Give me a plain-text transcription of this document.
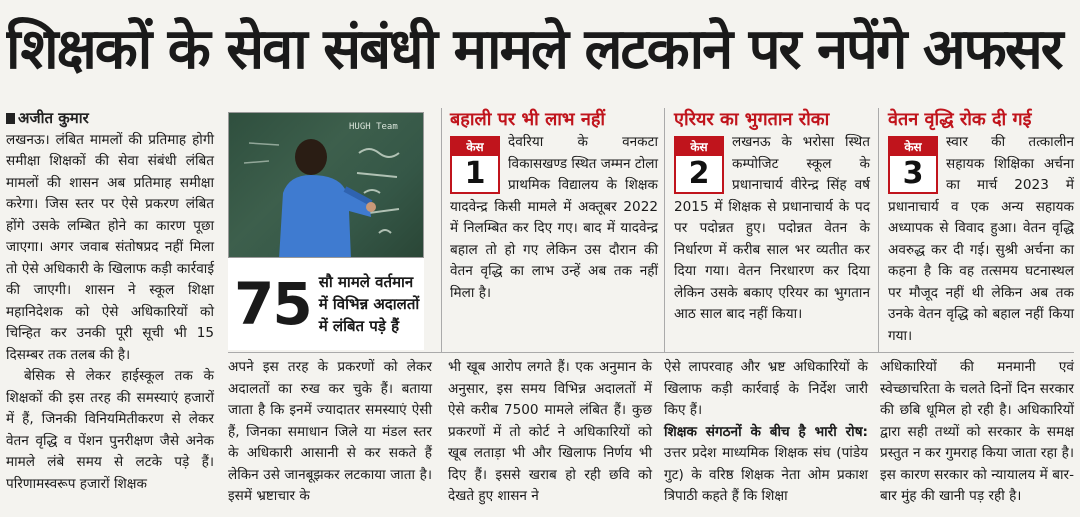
शिक्षकों के सेवा संबंधी मामले लटकाने पर नपेंगे अफसर
अजीत कुमार

लखनऊ। लंबित मामलों की प्रतिमाह होगी समीक्षा शिक्षकों की सेवा संबंधी लंबित मामलों की शासन अब प्रतिमाह समीक्षा करेगा। जिस स्तर पर ऐसे प्रकरण लंबित होंगे उसके लम्बित होने का कारण पूछा जाएगा। अगर जवाब संतोषप्रद नहीं मिला तो ऐसे अधिकारी के खिलाफ कड़ी कार्रवाई की जाएगी। शासन ने स्कूल शिक्षा महानिदेशक को ऐसे अधिकारियों को चिन्हित कर उनकी पूरी सूची भी 15 दिसम्बर तक तलब की है।

बेसिक से लेकर हाईस्कूल तक के शिक्षकों की इस तरह की समस्याएं हजारों में हैं, जिनकी विनियमितीकरण से लेकर वेतन वृद्धि व पेंशन पुनरीक्षण जैसे अनेक मामले लंबे समय से लटके पड़े हैं। परिणामस्वरूप हजारों शिक्षक

HUGH Team
75 सौ मामले वर्तमान में विभिन्न अदालतों में लंबित पड़े हैं
बहाली पर भी लाभ नहीं
केस
1
देवरिया के वनकटा विकासखण्ड स्थित जम्मन टोला प्राथमिक विद्यालय के शिक्षक यादवेन्द्र किसी मामले में अक्तूबर 2022 में निलम्बित कर दिए गए। बाद में यादवेन्द्र बहाल तो हो गए लेकिन उस दौरान की वेतन वृद्धि का लाभ उन्हें अब तक नहीं मिला है।
एरियर का भुगतान रोका
केस
2
लखनऊ के भरोसा स्थित कम्पोजिट स्कूल के प्रधानाचार्य वीरेन्द्र सिंह वर्ष 2015 में शिक्षक से प्रधानाचार्य के पद पर पदोन्नत हुए। पदोन्नत वेतन के निर्धारण में करीब साल भर व्यतीत कर दिया गया। वेतन निरधारण कर दिया लेकिन उसके बकाए एरियर का भुगतान आठ साल बाद नहीं किया।
वेतन वृद्धि रोक दी गई
केस
3
स्वार की तत्कालीन सहायक शिक्षिका अर्चना का मार्च 2023 में प्रधानाचार्य व एक अन्य सहायक अध्यापक से विवाद हुआ। वेतन वृद्धि अवरुद्ध कर दी गई। सुश्री अर्चना का कहना है कि वह तत्समय घटनास्थल पर मौजूद नहीं थी लेकिन अब तक उनके वेतन वृद्धि को बहाल नहीं किया गया।

अपने इस तरह के प्रकरणों को लेकर अदालतों का रुख कर चुके हैं। बताया जाता है कि इनमें ज्यादातर समस्याएं ऐसी हैं, जिनका समाधान जिले या मंडल स्तर के अधिकारी आसानी से कर सकते हैं लेकिन उसे जानबूझकर लटकाया जाता है। इसमें भ्रष्टाचार के

भी खूब आरोप लगते हैं। एक अनुमान के अनुसार, इस समय विभिन्न अदालतों में ऐसे करीब 7500 मामले लंबित हैं। कुछ प्रकरणों में तो कोर्ट ने अधिकारियों को खूब लताड़ा भी और खिलाफ निर्णय भी दिए हैं। इससे खराब हो रही छवि को देखते हुए शासन ने

ऐसे लापरवाह और भ्रष्ट अधिकारियों के खिलाफ कड़ी कार्रवाई के निर्देश जारी किए हैं।

शिक्षक संगठनों के बीच है भारी रोष: उत्तर प्रदेश माध्यमिक शिक्षक संघ (पांडेय गुट) के वरिष्ठ शिक्षक नेता ओम प्रकाश त्रिपाठी कहते हैं कि शिक्षा

अधिकारियों की मनमानी एवं स्वेच्छाचरिता के चलते दिनों दिन सरकार की छबि धूमिल हो रही है। अधिकारियों द्वारा सही तथ्यों को सरकार के समक्ष प्रस्तुत न कर गुमराह किया जाता रहा है। इस कारण सरकार को न्यायालय में बार-बार मुंह की खानी पड़ रही है।
